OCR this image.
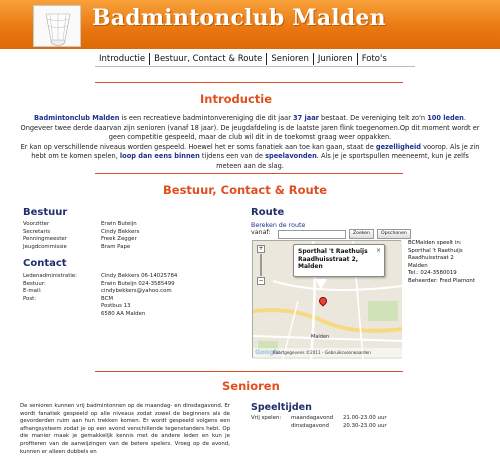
Badmintonclub Malden
Introductie	Bestuur, Contact & Route	Senioren	Junioren	Foto's
Introductie
Badmintonclub Malden is een recreatieve badmintonvereniging die dit jaar 37 jaar bestaat. De vereniging telt zo'n 100 leden. Ongeveer twee derde daarvan zijn senioren (vanaf 18 jaar). De jeugdafdeling is de laatste jaren flink toegenomen.Op dit moment wordt er geen competitie gespeeld, maar de club wil dit in de toekomst graag weer oppakken.
Er kan op verschillende niveaus worden gespeeld. Hoewel het er soms fanatiek aan toe kan gaan, staat de gezelligheid voorop. Als je zin hebt om te komen spelen, loop dan eens binnen tijdens een van de speelavonden. Als je je sportspullen meeneemt, kun je zelfs meteen aan de slag.
Bestuur, Contact & Route
Bestuur
Voorzitter	Erwin Buteijn
Secretaris	Cindy Bekkers
Penningmeester	Freek Zegger
Jeugdcommissie	Bram Pape
Contact
Ledenadministratie:	Cindy Bekkers 06-14025784
Bestuur:	Erwin Buteijn 024-3585499
E-mail:	cindybekkers@yahoo.com
Post:	BCM
Postbus 13
6580 AA Malden
Route
Bereken de route
vanaf:	Zoeken	Opschonen
+
−
Sporthal 't Raethuijs
Raadhuisstraat 2, Malden
×
Malden
Kaartgegevens ©2011 - Gebruiksvoorwaarden
BCMalden speelt in:
Sporthal 't Raethuijs
Raadhuisstraat 2
Malden
Tel.: 024-3580019
Beheerder: Fred Plamont
Senioren
De senioren kunnen vrij badmintonnen op de maandag- en dinsdagavond. Er wordt fanatiek gespeeld op alle niveaus zodat zowel de beginners als de gevorderden ruim aan hun trekken komen. Er wordt gespeeld volgens een afhangsysteem zodat je op een avond verschillende tegenstanders hebt. Op die manier maak je gemakkelijk kennis met de andere leden en kun je profiteren van de aanwijzingen van de betere spelers. Vroeg op de avond, kunnen er alleen dubbels en
Speeltijden
Vrij spelen:	maandagavond	21.00-23.00 uur
dinsdagavond	20.30-23.00 uur
